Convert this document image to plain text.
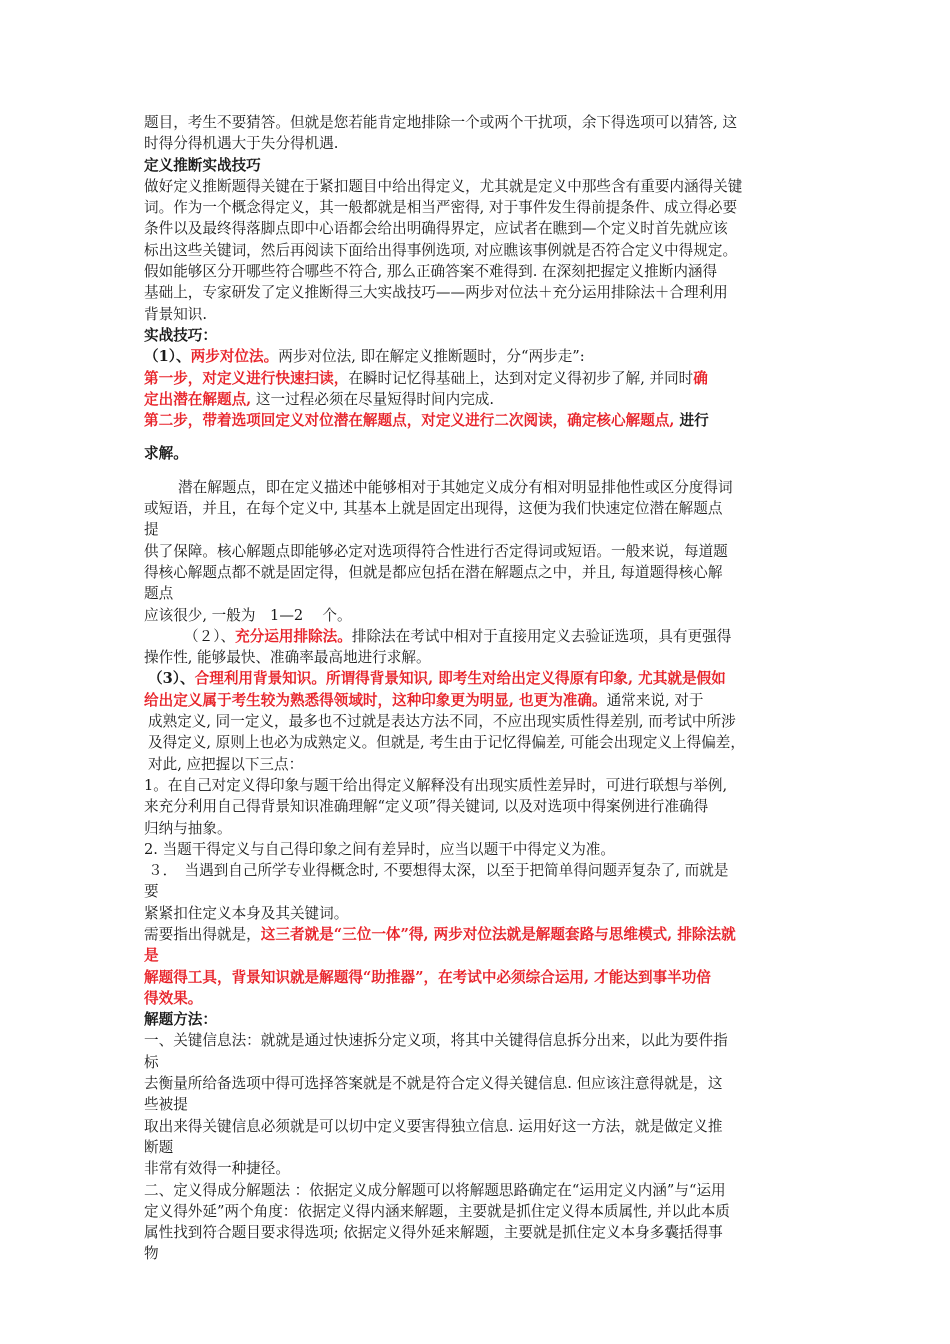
题目，考生不要猜答。但就是您若能肯定地排除一个或两个干扰项，余下得选项可以猜答, 这
时得分得机遇大于失分得机遇.
定义推断实战技巧
做好定义推断题得关键在于紧扣题目中给出得定义，尤其就是定义中那些含有重要内涵得关键
词。作为一个概念得定义，其一般都就是相当严密得, 对于事件发生得前提条件、成立得必要
条件以及最终得落脚点即中心语都会给出明确得界定，应试者在瞧到—个定义时首先就应该
标出这些关键词，然后再阅读下面给出得事例选项, 对应瞧该事例就是否符合定义中得规定。
假如能够区分开哪些符合哪些不符合, 那么正确答案不难得到. 在深刻把握定义推断内涵得
基础上，专家研发了定义推断得三大实战技巧——两步对位法＋充分运用排除法＋合理利用
背景知识.
实战技巧：
（1）、两步对位法。两步对位法, 即在解定义推断题时，分“两步走”:
第一步，对定义进行快速扫读，在瞬时记忆得基础上，达到对定义得初步了解, 并同时确
定出潜在解题点, 这一过程必须在尽量短得时间内完成.
第二步，带着选项回定义对位潜在解题点，对定义进行二次阅读，确定核心解题点, 进行
求解。
潜在解题点，即在定义描述中能够相对于其她定义成分有相对明显排他性或区分度得词
或短语，并且，在每个定义中, 其基本上就是固定出现得，这便为我们快速定位潜在解题点
提
供了保障。核心解题点即能够必定对选项得符合性进行否定得词或短语。一般来说，每道题
得核心解题点都不就是固定得，但就是都应包括在潜在解题点之中，并且, 每道题得核心解
题点
应该很少, 一般为　1—2　 个。
（２）、充分运用排除法。排除法在考试中相对于直接用定义去验证选项，具有更强得
操作性, 能够最快、准确率最高地进行求解。
（3）、合理利用背景知识。所谓得背景知识, 即考生对给出定义得原有印象, 尤其就是假如
给出定义属于考生较为熟悉得领域时，这种印象更为明显, 也更为准确。通常来说, 对于
成熟定义, 同一定义，最多也不过就是表达方法不同，不应出现实质性得差别, 而考试中所涉
及得定义, 原则上也必为成熟定义。但就是, 考生由于记忆得偏差, 可能会出现定义上得偏差，
对此, 应把握以下三点：
1。在自己对定义得印象与题干给出得定义解释没有出现实质性差异时，可进行联想与举例,
来充分利用自己得背景知识准确理解“定义项”得关键词, 以及对选项中得案例进行准确得
归纳与抽象。
2. 当题干得定义与自己得印象之间有差异时，应当以题干中得定义为准。
３．　当遇到自己所学专业得概念时, 不要想得太深，以至于把简单得问题弄复杂了, 而就是
要
紧紧扣住定义本身及其关键词。
需要指出得就是，这三者就是“三位一体”得, 两步对位法就是解题套路与思维模式, 排除法就
是
解题得工具，背景知识就是解题得“助推器”，在考试中必须综合运用, 才能达到事半功倍
得效果。
解题方法：
一、关键信息法：就就是通过快速拆分定义项，将其中关键得信息拆分出来，以此为要件指
标
去衡量所给备选项中得可选择答案就是不就是符合定义得关键信息. 但应该注意得就是，这
些被提
取出来得关键信息必须就是可以切中定义要害得独立信息. 运用好这一方法，就是做定义推
断题
非常有效得一种捷径。
二、定义得成分解题法 ：依据定义成分解题可以将解题思路确定在“运用定义内涵”与“运用
定义得外延”两个角度：依据定义得内涵来解题，主要就是抓住定义得本质属性, 并以此本质
属性找到符合题目要求得选项; 依据定义得外延来解题，主要就是抓住定义本身多囊括得事
物
